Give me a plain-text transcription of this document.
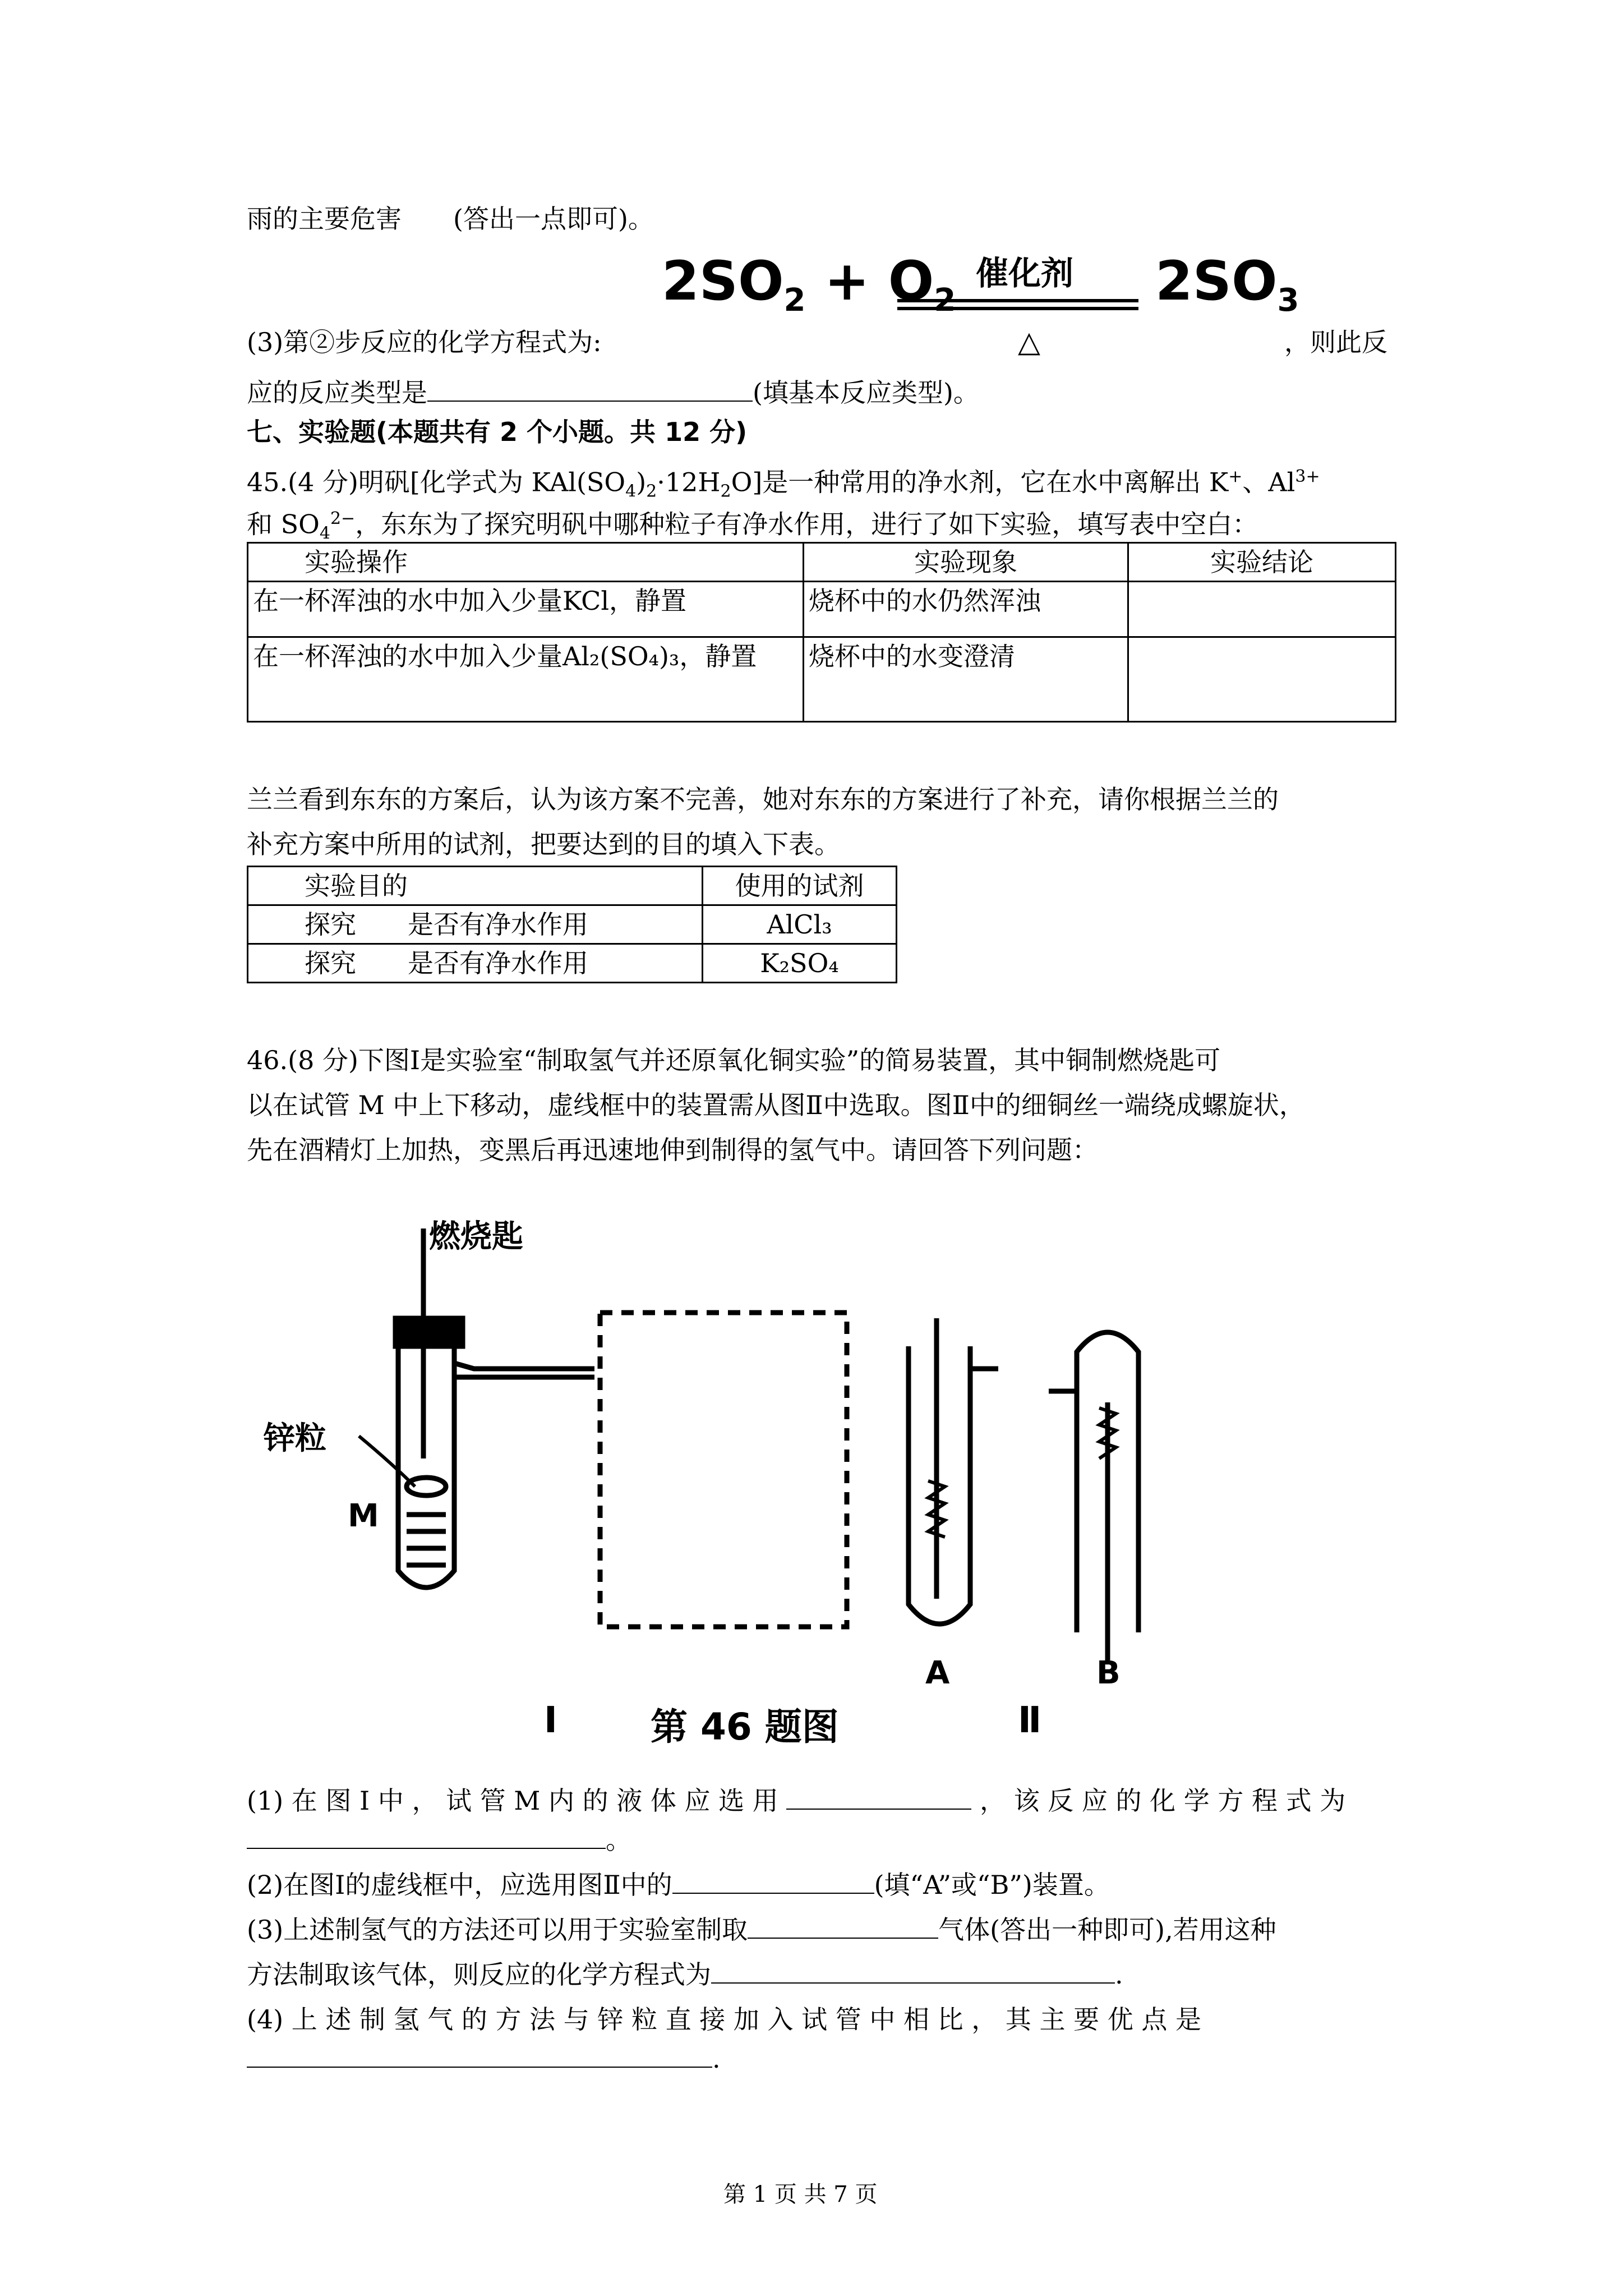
雨的主要危害　　(答出一点即可)。
$2SO_2 + O_2$
催化剂
△
$2SO_3$
(3)第②步反应的化学方程式为:	，则此反
应的反应类型是	(填基本反应类型)。
七、实验题(本题共有 2 个小题。共 12 分)
45.(4 分)明矾[化学式为 $KAl(SO_4)_2\cdot 12H_2O$]是一种常用的净水剂，它在水中离解出 K+、$Al^{3+}$
和 $SO_4^{2-}$，东东为了探究明矾中哪种粒子有净水作用，进行了如下实验，填写表中空白：
实验操作	实验现象	实验结论
在一杯浑浊的水中加入少量KCl，静置	烧杯中的水仍然浑浊	
在一杯浑浊的水中加入少量Al₂(SO₄)₃，静置	烧杯中的水变澄清	
兰兰看到东东的方案后，认为该方案不完善，她对东东的方案进行了补充，请你根据兰兰的
补充方案中所用的试剂，把要达到的目的填入下表。
实验目的	使用的试剂
探究　　是否有净水作用	AlCl₃
探究　　是否有净水作用	K₂SO₄
46.(8 分)下图Ⅰ是实验室“制取氢气并还原氧化铜实验”的简易装置，其中铜制燃烧匙可
以在试管 M 中上下移动，虚线框中的装置需从图Ⅱ中选取。图Ⅱ中的细铜丝一端绕成螺旋状，
先在酒精灯上加热，变黑后再迅速地伸到制得的氢气中。请回答下列问题：
燃烧匙
锌粒
M
A	B
Ⅰ	第 46 题图	Ⅱ
(1) 在 图 Ⅰ 中 ， 试 管 M 内 的 液 体 应 选 用	， 该 反 应 的 化 学 方 程 式 为
。
(2)在图Ⅰ的虚线框中，应选用图Ⅱ中的	(填“A”或“B”)装置。
(3)上述制氢气的方法还可以用于实验室制取	气体(答出一种即可),若用这种
方法制取该气体，则反应的化学方程式为	.
(4) 上 述 制 氢 气 的 方 法 与 锌 粒 直 接 加 入 试 管 中 相 比 ， 其 主 要 优 点 是
.
第 1 页 共 7 页
